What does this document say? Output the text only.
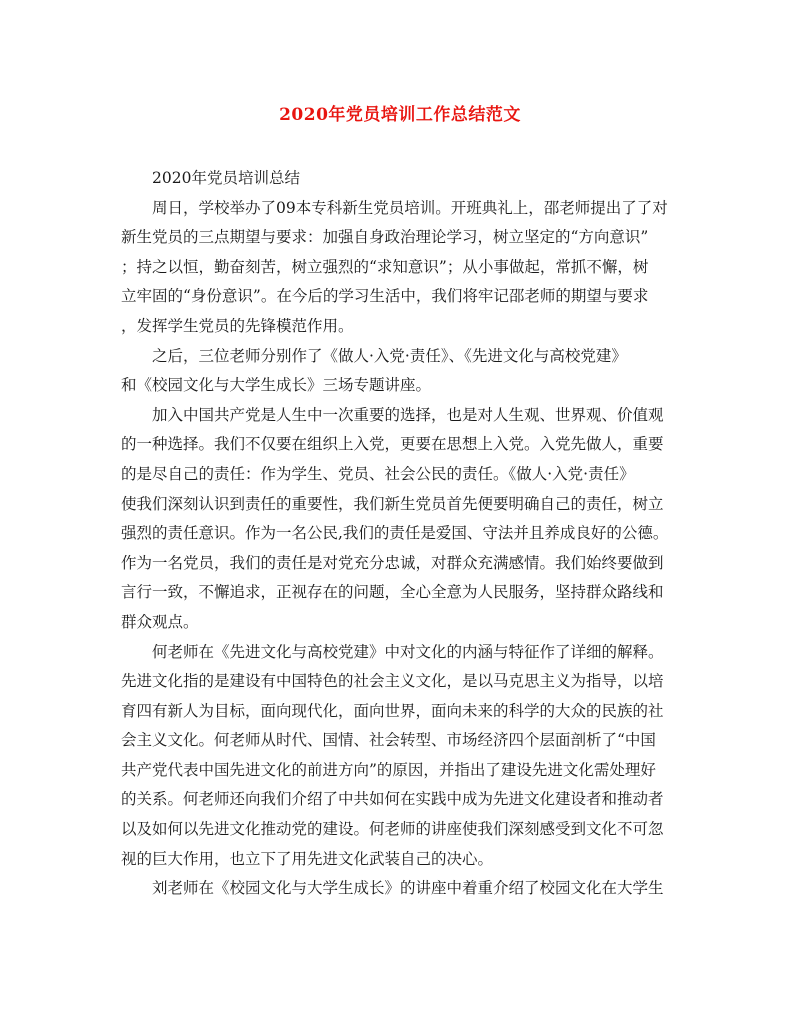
2020年党员培训工作总结范文
2020年党员培训总结
周日，学校举办了09本专科新生党员培训。开班典礼上，邵老师提出了了对
新生党员的三点期望与要求：加强自身政治理论学习，树立坚定的“方向意识”
；持之以恒，勤奋刻苦，树立强烈的“求知意识”；从小事做起，常抓不懈，树
立牢固的“身份意识”。在今后的学习生活中，我们将牢记邵老师的期望与要求
，发挥学生党员的先锋模范作用。
之后，三位老师分别作了《做人·入党·责任》、《先进文化与高校党建》
和《校园文化与大学生成长》三场专题讲座。
加入中国共产党是人生中一次重要的选择，也是对人生观、世界观、价值观
的一种选择。我们不仅要在组织上入党，更要在思想上入党。入党先做人，重要
的是尽自己的责任：作为学生、党员、社会公民的责任。《做人·入党·责任》
使我们深刻认识到责任的重要性，我们新生党员首先便要明确自己的责任，树立
强烈的责任意识。作为一名公民,我们的责任是爱国、守法并且养成良好的公德。
作为一名党员，我们的责任是对党充分忠诚，对群众充满感情。我们始终要做到
言行一致，不懈追求，正视存在的问题，全心全意为人民服务，坚持群众路线和
群众观点。
何老师在《先进文化与高校党建》中对文化的内涵与特征作了详细的解释。
先进文化指的是建设有中国特色的社会主义文化，是以马克思主义为指导，以培
育四有新人为目标，面向现代化，面向世界，面向未来的科学的大众的民族的社
会主义文化。何老师从时代、国情、社会转型、市场经济四个层面剖析了“中国
共产党代表中国先进文化的前进方向”的原因，并指出了建设先进文化需处理好
的关系。何老师还向我们介绍了中共如何在实践中成为先进文化建设者和推动者
以及如何以先进文化推动党的建设。何老师的讲座使我们深刻感受到文化不可忽
视的巨大作用，也立下了用先进文化武装自己的决心。
刘老师在《校园文化与大学生成长》的讲座中着重介绍了校园文化在大学生
